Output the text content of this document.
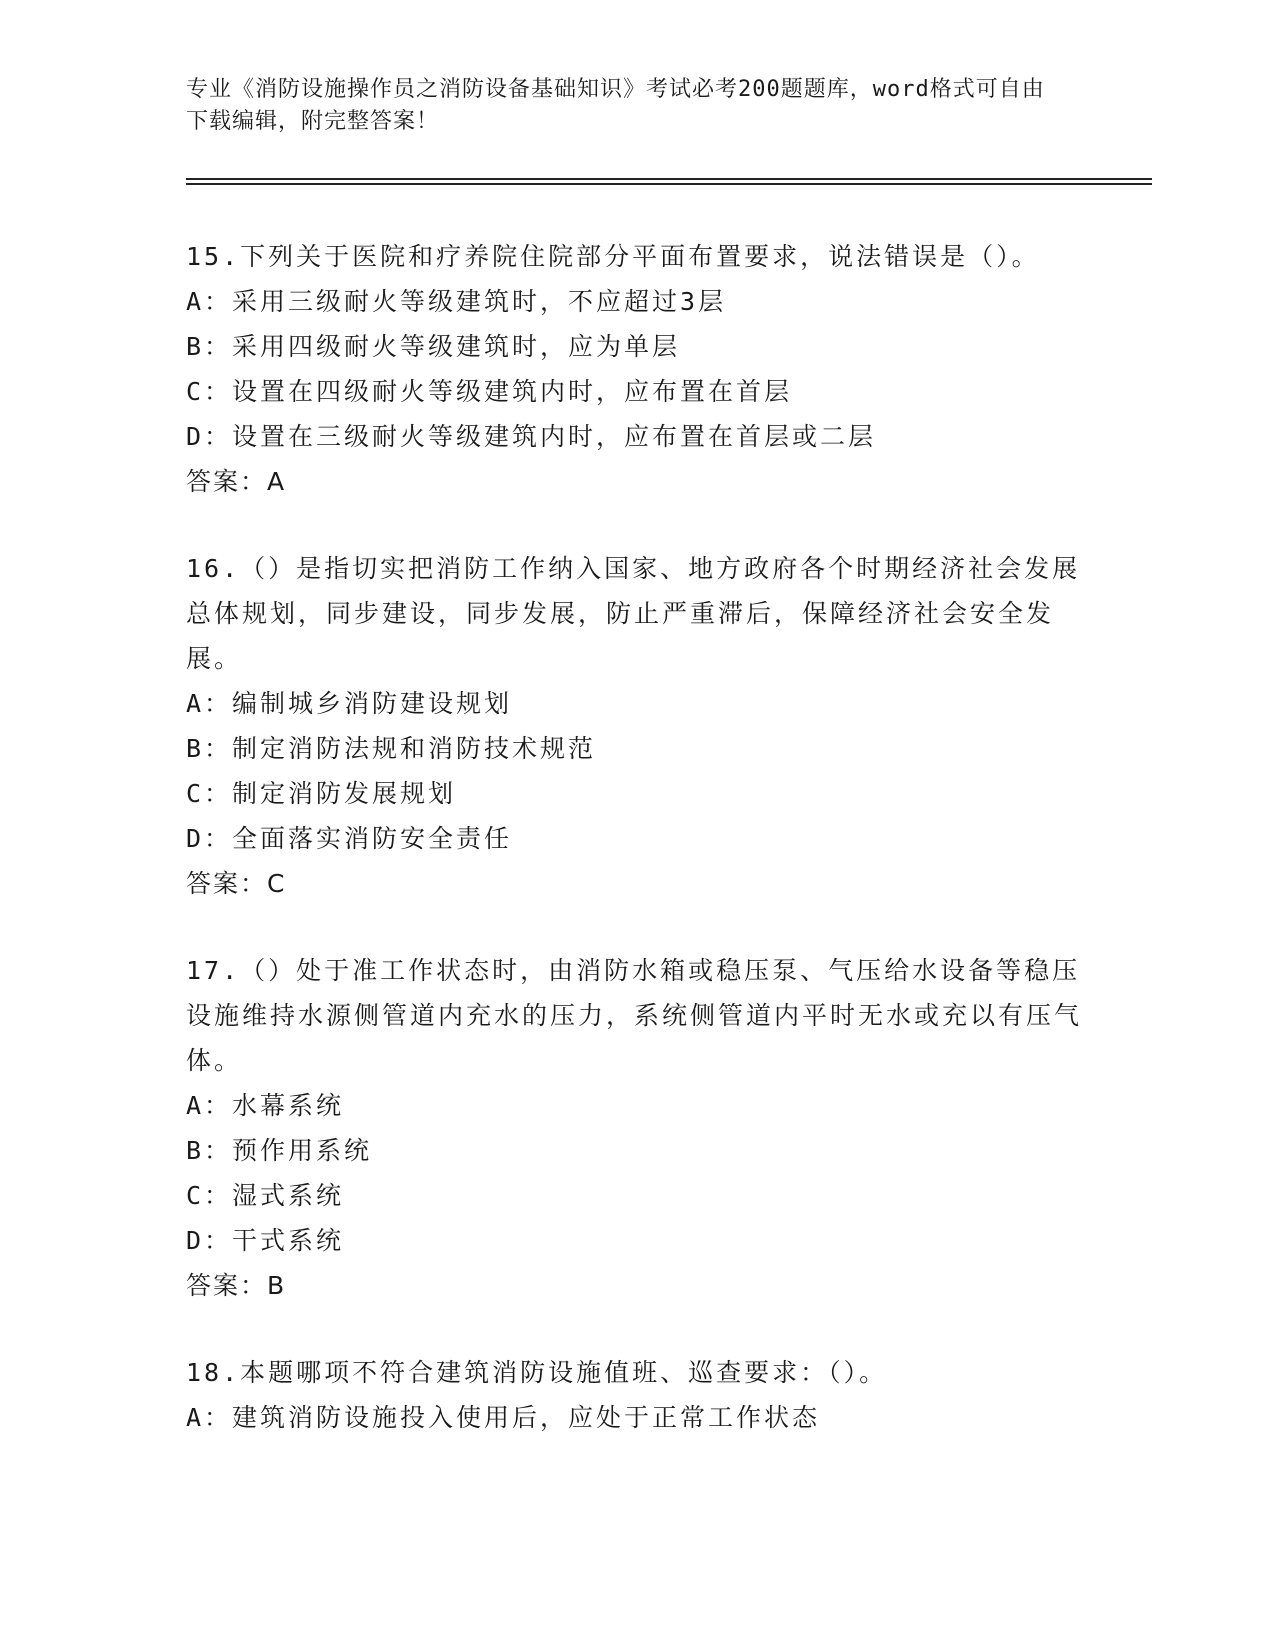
专业《消防设施操作员之消防设备基础知识》考试必考200题题库，word格式可自由下载编辑，附完整答案！
15.下列关于医院和疗养院住院部分平面布置要求，说法错误是（）。
A：采用三级耐火等级建筑时，不应超过3层
B：采用四级耐火等级建筑时，应为单层
C：设置在四级耐火等级建筑内时，应布置在首层
D：设置在三级耐火等级建筑内时，应布置在首层或二层
答案：A
16.（）是指切实把消防工作纳入国家、地方政府各个时期经济社会发展总体规划，同步建设，同步发展，防止严重滞后，保障经济社会安全发展。
A：编制城乡消防建设规划
B：制定消防法规和消防技术规范
C：制定消防发展规划
D：全面落实消防安全责任
答案：C
17.（）处于准工作状态时，由消防水箱或稳压泵、气压给水设备等稳压设施维持水源侧管道内充水的压力，系统侧管道内平时无水或充以有压气体。
A：水幕系统
B：预作用系统
C：湿式系统
D：干式系统
答案：B
18.本题哪项不符合建筑消防设施值班、巡查要求：（）。
A：建筑消防设施投入使用后，应处于正常工作状态
